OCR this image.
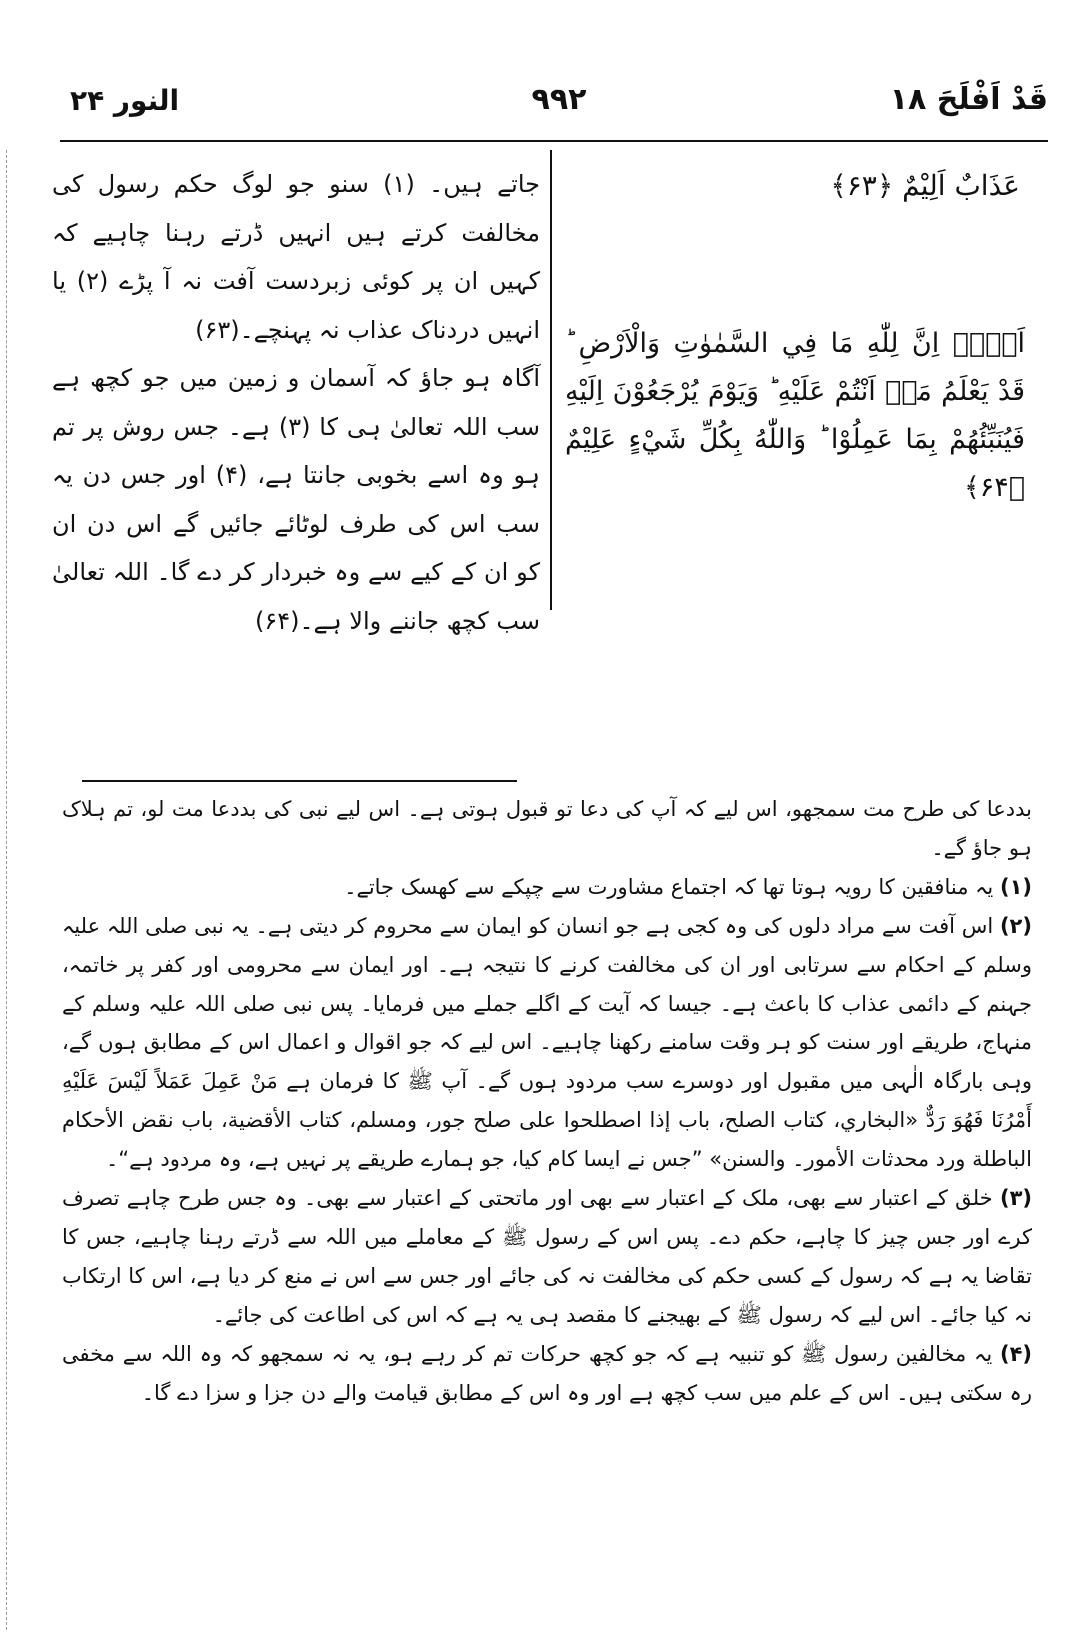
النور ۲۴	۹۹۲	قَدْ اَفْلَحَ ۱۸
عَذَابٌ اَلِيْمٌ ﴿۶۳﴾
اَلَاۤ اِنَّ لِلّٰهِ مَا فِي السَّمٰوٰتِ وَالْاَرْضِ ؕ قَدْ يَعْلَمُ مَاۤ اَنْتُمْ عَلَيْهِ ؕ وَيَوْمَ يُرْجَعُوْنَ اِلَيْهِ فَيُنَبِّئُهُمْ بِمَا عَمِلُوْا ؕ وَاللّٰهُ بِكُلِّ شَيْءٍ عَلِيْمٌ ﴿۶۴﴾

جاتے ہیں۔ (۱) سنو جو لوگ حکم رسول کی مخالفت کرتے ہیں انہیں ڈرتے رہنا چاہیے کہ کہیں ان پر کوئی زبردست آفت نہ آ پڑے (۲) یا انہیں دردناک عذاب نہ پہنچے۔(۶۳)

آگاہ ہو جاؤ کہ آسمان و زمین میں جو کچھ ہے سب اللہ تعالیٰ ہی کا (۳) ہے۔ جس روش پر تم ہو وہ اسے بخوبی جانتا ہے، (۴) اور جس دن یہ سب اس کی طرف لوٹائے جائیں گے اس دن ان کو ان کے کیے سے وہ خبردار کر دے گا۔ اللہ تعالیٰ سب کچھ جاننے والا ہے۔(۶۴)

بددعا کی طرح مت سمجھو، اس لیے کہ آپ کی دعا تو قبول ہوتی ہے۔ اس لیے نبی کی بددعا مت لو، تم ہلاک ہو جاؤ گے۔

(۱) یہ منافقین کا رویہ ہوتا تھا کہ اجتماع مشاورت سے چپکے سے کھسک جاتے۔

(۲) اس آفت سے مراد دلوں کی وہ کجی ہے جو انسان کو ایمان سے محروم کر دیتی ہے۔ یہ نبی صلی اللہ علیہ وسلم کے احکام سے سرتابی اور ان کی مخالفت کرنے کا نتیجہ ہے۔ اور ایمان سے محرومی اور کفر پر خاتمہ، جہنم کے دائمی عذاب کا باعث ہے۔ جیسا کہ آیت کے اگلے جملے میں فرمایا۔ پس نبی صلی اللہ علیہ وسلم کے منہاج، طریقے اور سنت کو ہر وقت سامنے رکھنا چاہیے۔ اس لیے کہ جو اقوال و اعمال اس کے مطابق ہوں گے، وہی بارگاہ الٰہی میں مقبول اور دوسرے سب مردود ہوں گے۔ آپ ﷺ کا فرمان ہے مَنْ عَمِلَ عَمَلاً لَيْسَ عَلَيْهِ أَمْرُنَا فَهُوَ رَدٌّ «البخاري، كتاب الصلح، باب إذا اصطلحوا على صلح جور، ومسلم، كتاب الأقضية، باب نقض الأحكام الباطلة ورد محدثات الأمور۔ والسنن» ”جس نے ایسا کام کیا، جو ہمارے طریقے پر نہیں ہے، وہ مردود ہے“۔

(۳) خلق کے اعتبار سے بھی، ملک کے اعتبار سے بھی اور ماتحتی کے اعتبار سے بھی۔ وہ جس طرح چاہے تصرف کرے اور جس چیز کا چاہے، حکم دے۔ پس اس کے رسول ﷺ کے معاملے میں اللہ سے ڈرتے رہنا چاہیے، جس کا تقاضا یہ ہے کہ رسول کے کسی حکم کی مخالفت نہ کی جائے اور جس سے اس نے منع کر دیا ہے، اس کا ارتکاب نہ کیا جائے۔ اس لیے کہ رسول ﷺ کے بھیجنے کا مقصد ہی یہ ہے کہ اس کی اطاعت کی جائے۔

(۴) یہ مخالفین رسول ﷺ کو تنبیہ ہے کہ جو کچھ حرکات تم کر رہے ہو، یہ نہ سمجھو کہ وہ اللہ سے مخفی رہ سکتی ہیں۔ اس کے علم میں سب کچھ ہے اور وہ اس کے مطابق قیامت والے دن جزا و سزا دے گا۔
